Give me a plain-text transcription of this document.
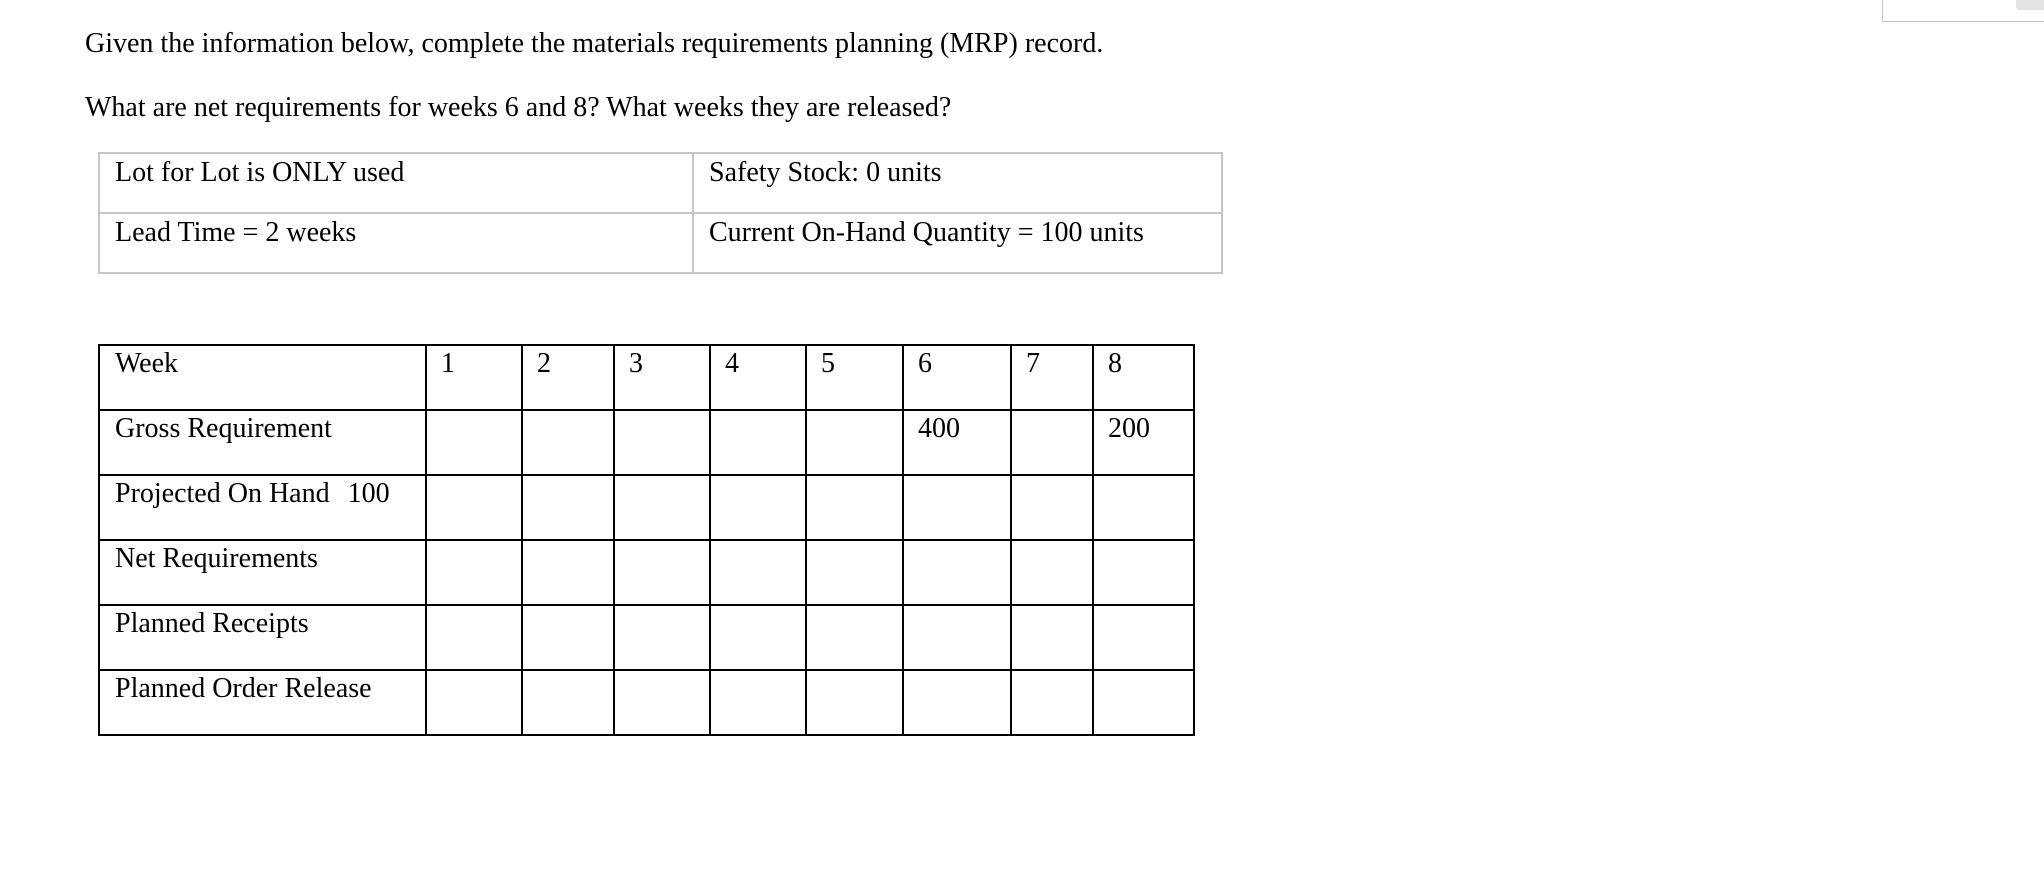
Given the information below, complete the materials requirements planning (MRP) record.

What are net requirements for weeks 6 and 8? What weeks they are released?

Lot for Lot is ONLY used	Safety Stock: 0 units
Lead Time = 2 weeks	Current On-Hand Quantity = 100 units
Week	1	2	3	4	5	6	7	8
Gross Requirement						400		200
Projected On Hand 100								
Net Requirements								
Planned Receipts								
Planned Order Release								
